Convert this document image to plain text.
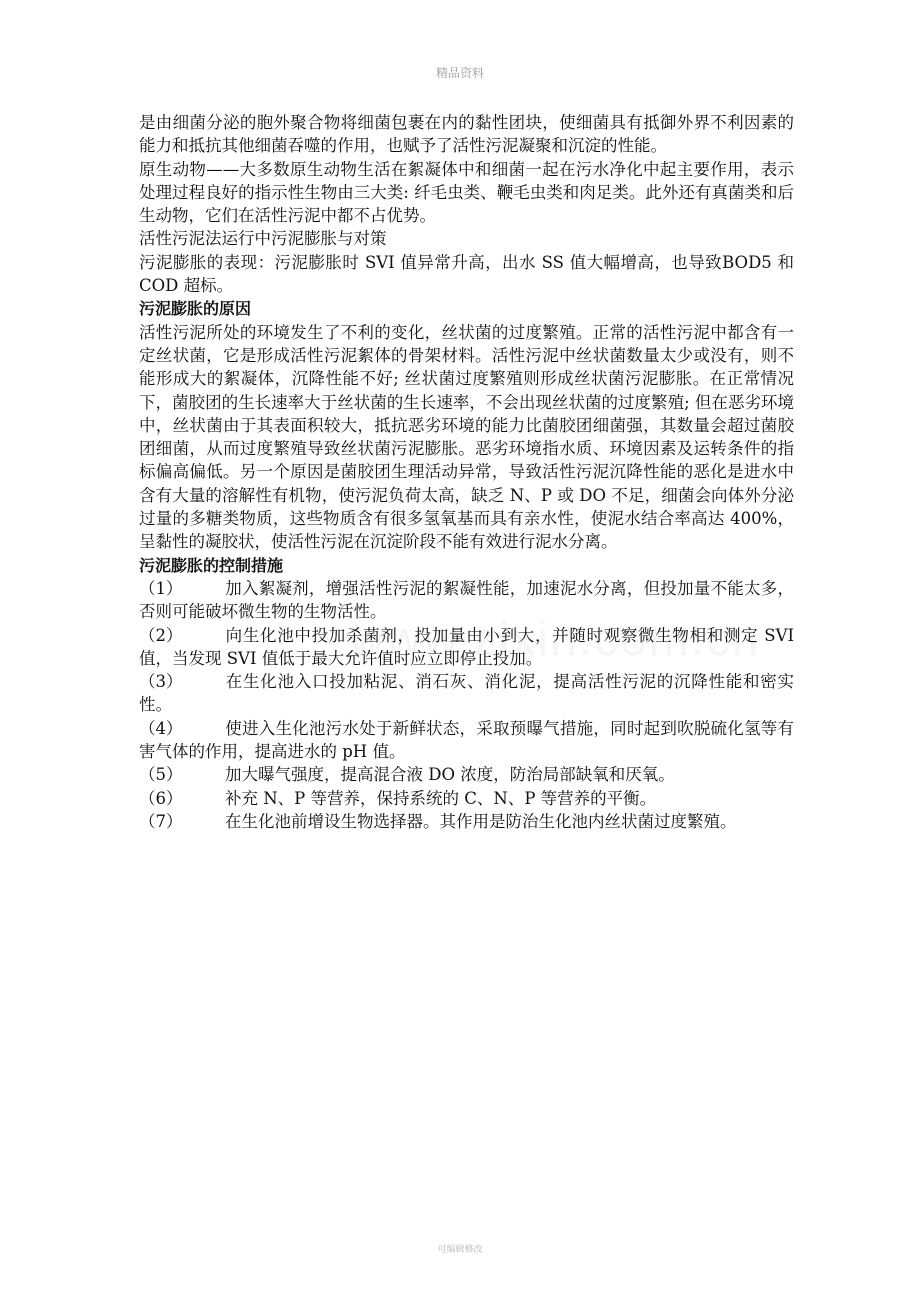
精品资料

是由细菌分泌的胞外聚合物将细菌包裹在内的黏性团块，使细菌具有抵御外界不利因素的能力和抵抗其他细菌吞噬的作用，也赋予了活性污泥凝聚和沉淀的性能。

原生动物——大多数原生动物生活在絮凝体中和细菌一起在污水净化中起主要作用，表示处理过程良好的指示性生物由三大类: 纤毛虫类、鞭毛虫类和肉足类。此外还有真菌类和后生动物，它们在活性污泥中都不占优势。

活性污泥法运行中污泥膨胀与对策

污泥膨胀的表现：污泥膨胀时 SVI 值异常升高，出水 SS 值大幅增高，也导致BOD5 和 COD 超标。

污泥膨胀的原因

活性污泥所处的环境发生了不利的变化，丝状菌的过度繁殖。正常的活性污泥中都含有一定丝状菌，它是形成活性污泥絮体的骨架材料。活性污泥中丝状菌数量太少或没有，则不能形成大的絮凝体，沉降性能不好; 丝状菌过度繁殖则形成丝状菌污泥膨胀。在正常情况下，菌胶团的生长速率大于丝状菌的生长速率，不会出现丝状菌的过度繁殖; 但在恶劣环境中，丝状菌由于其表面积较大，抵抗恶劣环境的能力比菌胶团细菌强，其数量会超过菌胶团细菌，从而过度繁殖导致丝状菌污泥膨胀。恶劣环境指水质、环境因素及运转条件的指标偏高偏低。另一个原因是菌胶团生理活动异常，导致活性污泥沉降性能的恶化是进水中含有大量的溶解性有机物，使污泥负荷太高，缺乏 N、P 或 DO 不足，细菌会向体外分泌过量的多糖类物质，这些物质含有很多氢氧基而具有亲水性，使泥水结合率高达 400%，呈黏性的凝胶状，使活性污泥在沉淀阶段不能有效进行泥水分离。

污泥膨胀的控制措施

（1）	加入絮凝剂，增强活性污泥的絮凝性能，加速泥水分离，但投加量不能太多，否则可能破坏微生物的生物活性。

（2）	向生化池中投加杀菌剂，投加量由小到大，并随时观察微生物相和测定 SVI 值，当发现 SVI 值低于最大允许值时应立即停止投加。

（3）	在生化池入口投加粘泥、消石灰、消化泥，提高活性污泥的沉降性能和密实性。

（4）	使进入生化池污水处于新鲜状态，采取预曝气措施，同时起到吹脱硫化氢等有害气体的作用，提高进水的 pH 值。

（5）	加大曝气强度，提高混合液 DO 浓度，防治局部缺氧和厌氧。

（6）	补充 N、P 等营养，保持系统的 C、N、P 等营养的平衡。

（7）	在生化池前增设生物选择器。其作用是防治生化池内丝状菌过度繁殖。

可编辑修改
